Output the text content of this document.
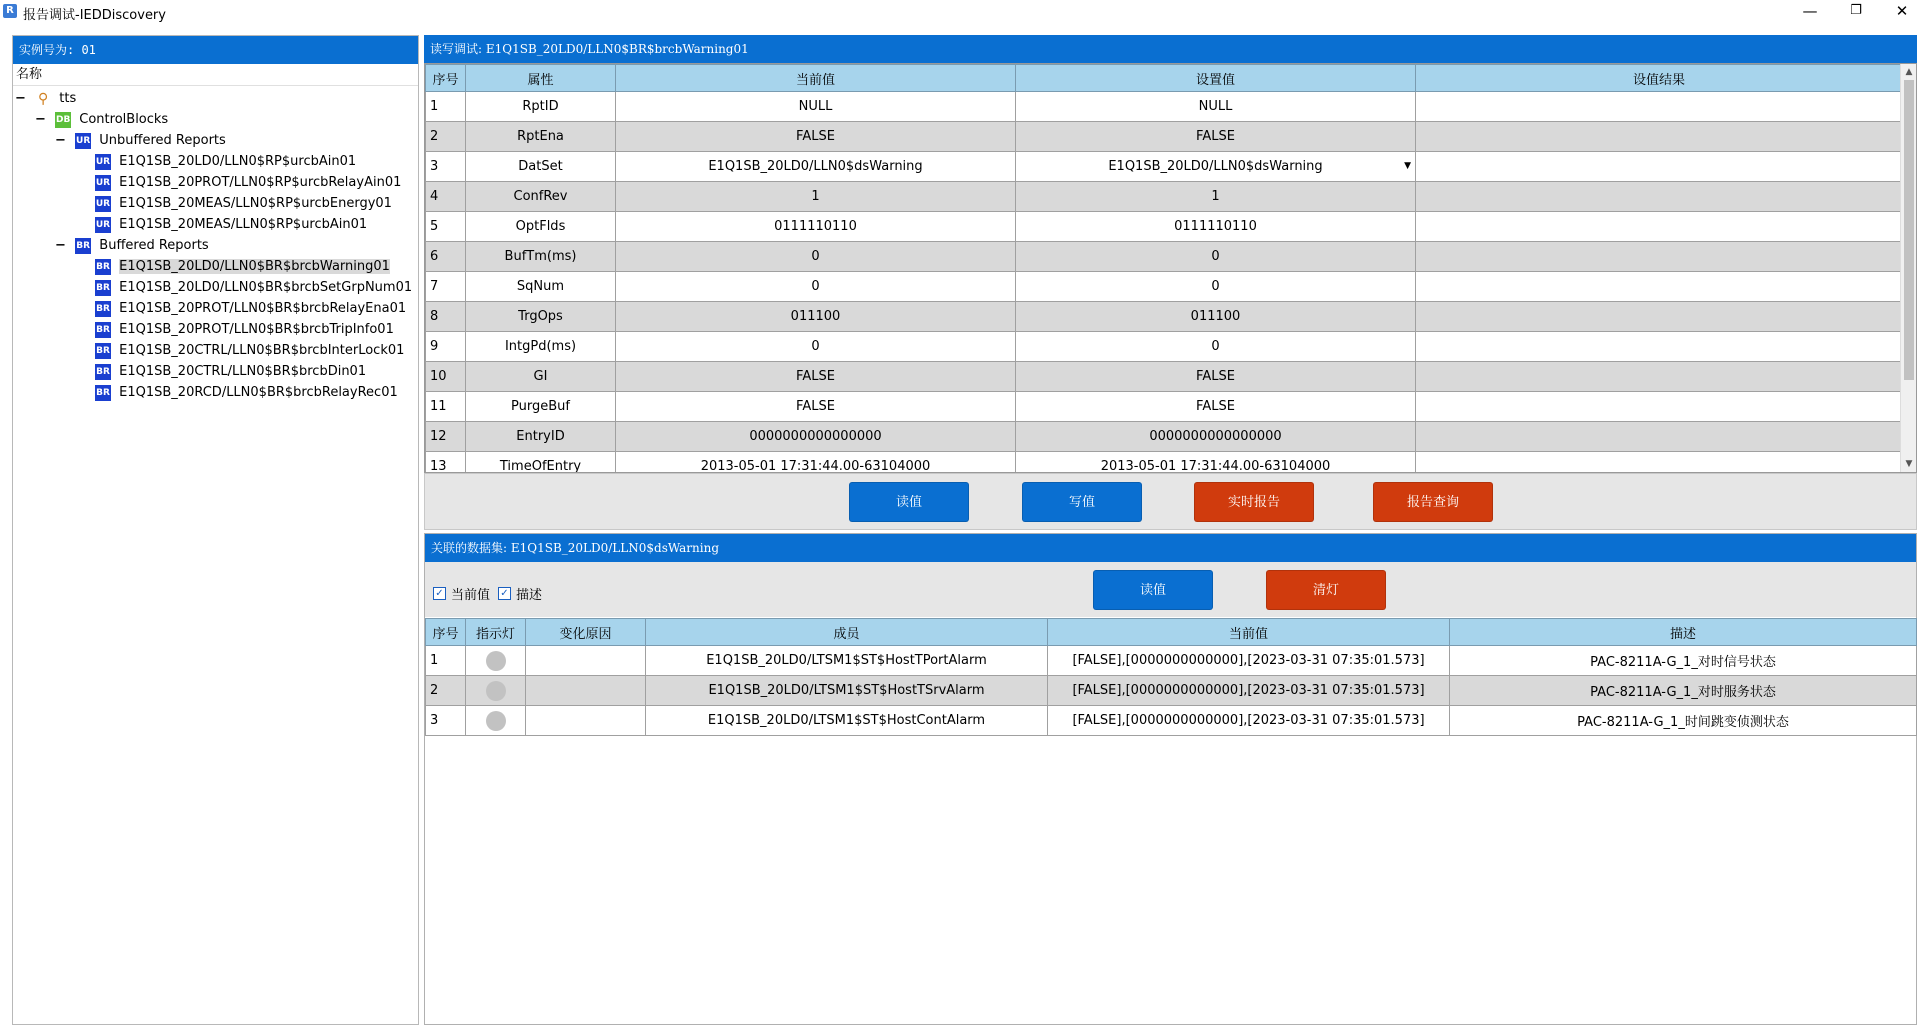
R 报告调试-IEDDiscovery	—	❐	✕
实例号为: 01
名称
− ⚲ tts
− DB ControlBlocks
− UR Unbuffered Reports
UR E1Q1SB_20LD0/LLN0$RP$urcbAin01
UR E1Q1SB_20PROT/LLN0$RP$urcbRelayAin01
UR E1Q1SB_20MEAS/LLN0$RP$urcbEnergy01
UR E1Q1SB_20MEAS/LLN0$RP$urcbAin01
− BR Buffered Reports
BR E1Q1SB_20LD0/LLN0$BR$brcbWarning01
BR E1Q1SB_20LD0/LLN0$BR$brcbSetGrpNum01
BR E1Q1SB_20PROT/LLN0$BR$brcbRelayEna01
BR E1Q1SB_20PROT/LLN0$BR$brcbTripInfo01
BR E1Q1SB_20CTRL/LLN0$BR$brcbInterLock01
BR E1Q1SB_20CTRL/LLN0$BR$brcbDin01
BR E1Q1SB_20RCD/LLN0$BR$brcbRelayRec01
读写调试: E1Q1SB_20LD0/LLN0$BR$brcbWarning01
序号	属性	当前值	设置值	设值结果
1	RptID	NULL	NULL	
2	RptEna	FALSE	FALSE	
3	DatSet	E1Q1SB_20LD0/LLN0$dsWarning	E1Q1SB_20LD0/LLN0$dsWarning ▼	

4	ConfRev	1	1	
5	OptFlds	0111110110	0111110110	
6	BufTm(ms)	0	0	
7	SqNum	0	0	
8	TrgOps	011100	011100	
9	IntgPd(ms)	0	0	
10	GI	FALSE	FALSE	
11	PurgeBuf	FALSE	FALSE	
12	EntryID	0000000000000000	0000000000000000	
13	TimeOfEntry	2013-05-01 17:31:44.00-63104000	2013-05-01 17:31:44.00-63104000	
▲
▼
读值	写值	实时报告	报告查询
关联的数据集: E1Q1SB_20LD0/LLN0$dsWarning
✓ 当前值 ✓ 描述	读值	清灯
序号	指示灯	变化原因	成员	当前值	描述
1			E1Q1SB_20LD0/LTSM1$ST$HostTPortAlarm	[FALSE],[0000000000000],[2023-03-31 07:35:01.573]	PAC-8211A-G_1_对时信号状态
2			E1Q1SB_20LD0/LTSM1$ST$HostTSrvAlarm	[FALSE],[0000000000000],[2023-03-31 07:35:01.573]	PAC-8211A-G_1_对时服务状态
3			E1Q1SB_20LD0/LTSM1$ST$HostContAlarm	[FALSE],[0000000000000],[2023-03-31 07:35:01.573]	PAC-8211A-G_1_时间跳变侦测状态
